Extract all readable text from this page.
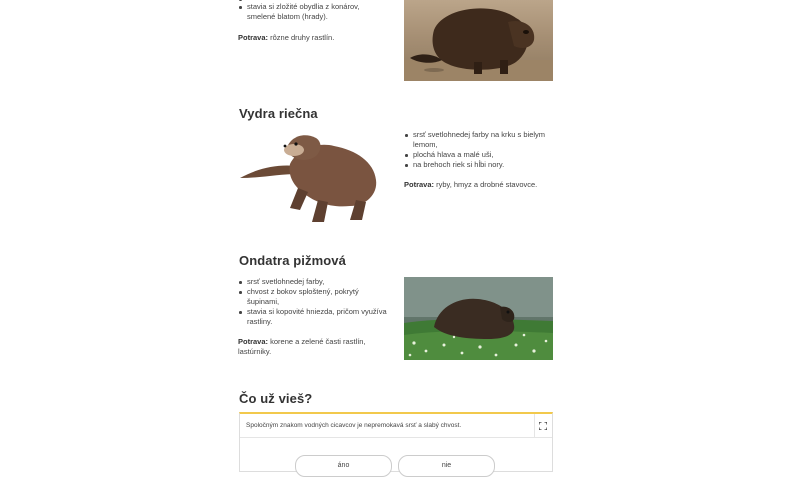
stavia si zložité obydlia z konárov, smelené blatom (hrady).
Potrava: rôzne druhy rastlín.
Vydra riečna
srsť svetlohnedej farby na krku s bielym lemom,
plochá hlava a malé uši,
na brehoch riek si hĺbi nory.
Potrava: ryby, hmyz a drobné stavovce.
Ondatra pižmová
srsť svetlohnedej farby,
chvost z bokov sploštený, pokrytý šupinami,
stavia si kopovité hniezda, pričom využíva rastliny.
Potrava: korene a zelené časti rastlín, lastúrniky.
Čo už vieš?
Spoločným znakom vodných cicavcov je nepremokavá srsť a slabý chvost.
áno	nie
